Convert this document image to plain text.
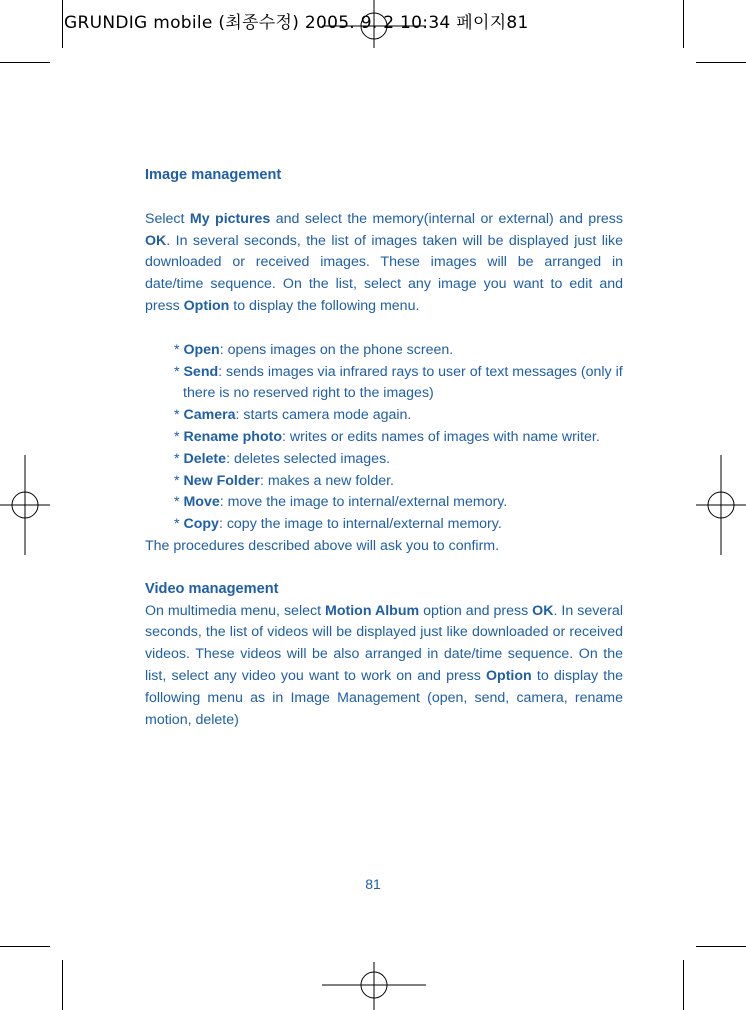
GRUNDIG mobile (최종수정) 2005. 9. 2 10:34 페이지81

Image management

Select My pictures and select the memory(internal or external) and press OK. In several seconds, the list of images taken will be displayed just like downloaded or received images. These images will be arranged in date/time sequence. On the list, select any image you want to edit and press Option to display the following menu.

* Open: opens images on the phone screen.
* Send: sends images via infrared rays to user of text messages (only if there is no reserved right to the images)
* Camera: starts camera mode again.
* Rename photo: writes or edits names of images with name writer.
* Delete: deletes selected images.
* New Folder: makes a new folder.
* Move: move the image to internal/external memory.
* Copy: copy the image to internal/external memory.

The procedures described above will ask you to confirm.

Video management

On multimedia menu, select Motion Album option and press OK. In several seconds, the list of videos will be displayed just like downloaded or received videos. These videos will be also arranged in date/time sequence. On the list, select any video you want to work on and press Option to display the following menu as in Image Management (open, send, camera, rename motion, delete)

81
